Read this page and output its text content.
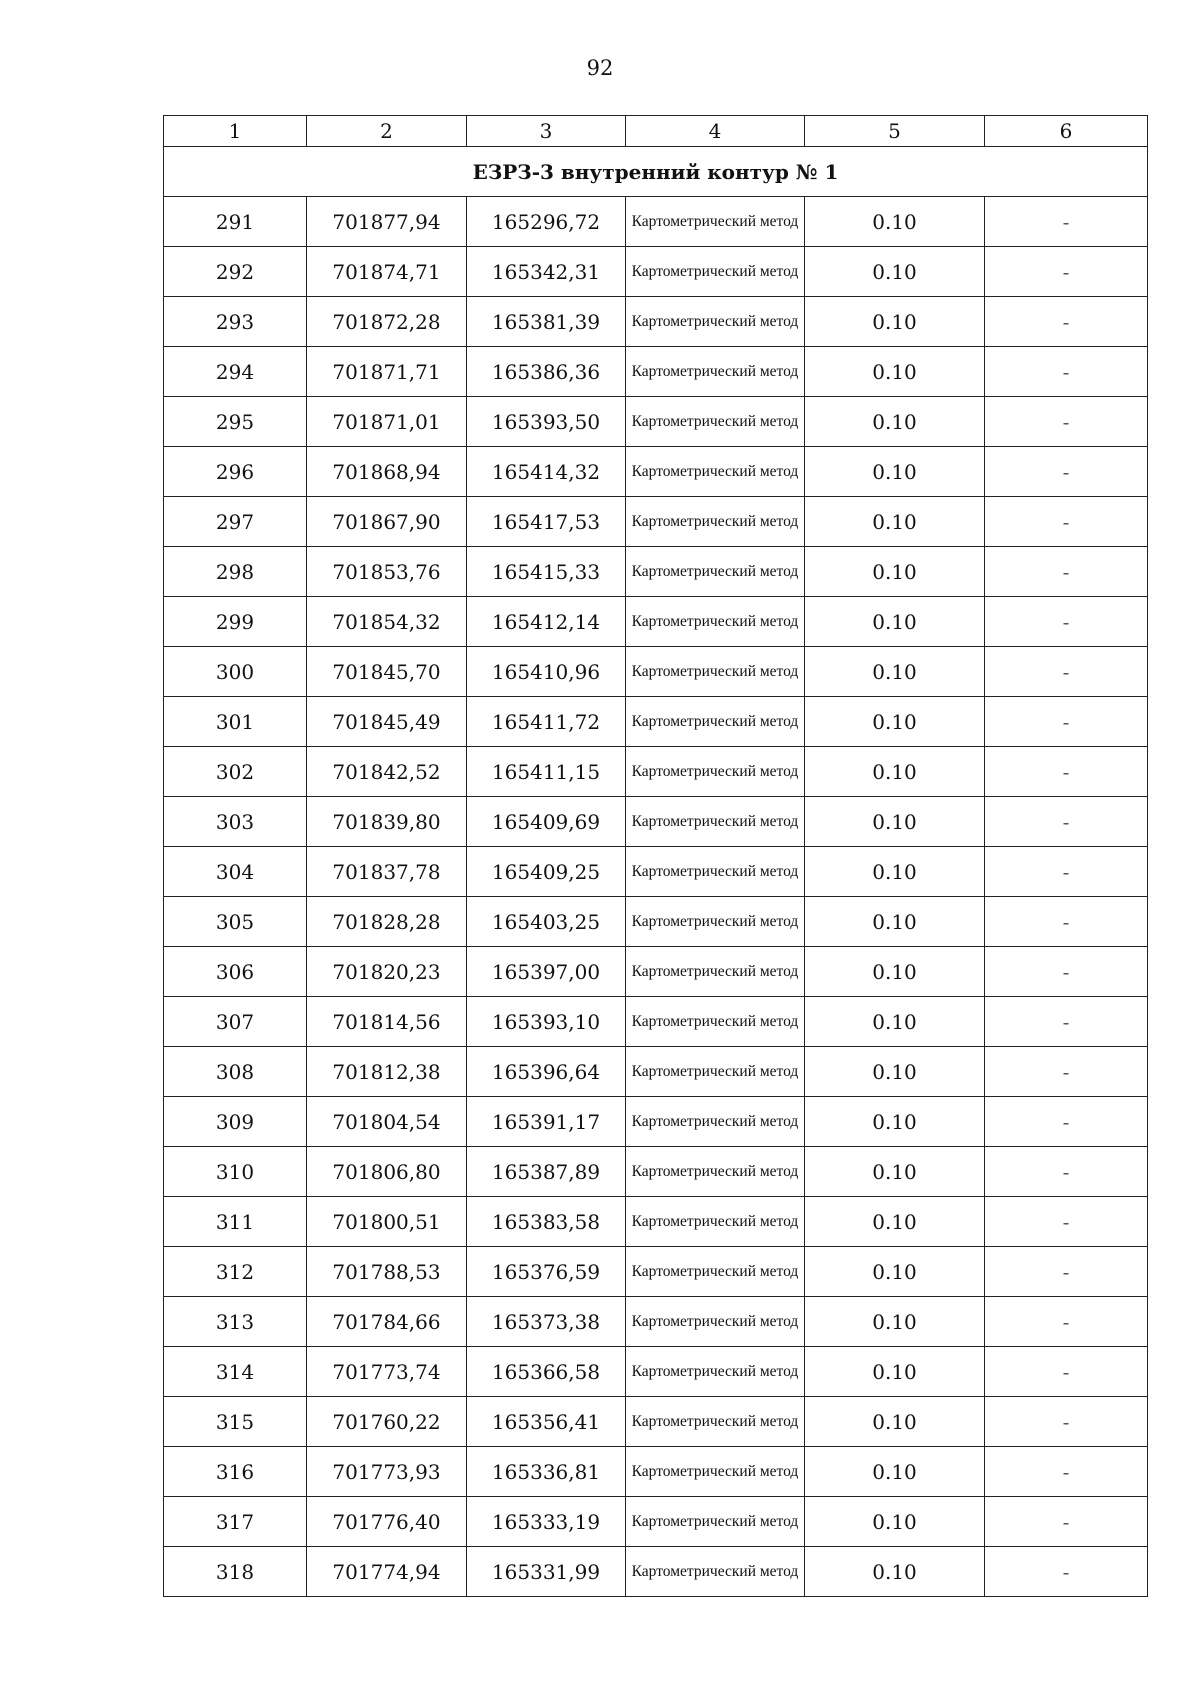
92
1	2	3	4	5	6
ЕЗРЗ-3 внутренний контур № 1					
291	701877,94	165296,72	Картометрический метод	0.10	-
292	701874,71	165342,31	Картометрический метод	0.10	-
293	701872,28	165381,39	Картометрический метод	0.10	-
294	701871,71	165386,36	Картометрический метод	0.10	-
295	701871,01	165393,50	Картометрический метод	0.10	-
296	701868,94	165414,32	Картометрический метод	0.10	-
297	701867,90	165417,53	Картометрический метод	0.10	-
298	701853,76	165415,33	Картометрический метод	0.10	-
299	701854,32	165412,14	Картометрический метод	0.10	-
300	701845,70	165410,96	Картометрический метод	0.10	-
301	701845,49	165411,72	Картометрический метод	0.10	-
302	701842,52	165411,15	Картометрический метод	0.10	-
303	701839,80	165409,69	Картометрический метод	0.10	-
304	701837,78	165409,25	Картометрический метод	0.10	-
305	701828,28	165403,25	Картометрический метод	0.10	-
306	701820,23	165397,00	Картометрический метод	0.10	-
307	701814,56	165393,10	Картометрический метод	0.10	-
308	701812,38	165396,64	Картометрический метод	0.10	-
309	701804,54	165391,17	Картометрический метод	0.10	-
310	701806,80	165387,89	Картометрический метод	0.10	-
311	701800,51	165383,58	Картометрический метод	0.10	-
312	701788,53	165376,59	Картометрический метод	0.10	-
313	701784,66	165373,38	Картометрический метод	0.10	-
314	701773,74	165366,58	Картометрический метод	0.10	-
315	701760,22	165356,41	Картометрический метод	0.10	-
316	701773,93	165336,81	Картометрический метод	0.10	-
317	701776,40	165333,19	Картометрический метод	0.10	-
318	701774,94	165331,99	Картометрический метод	0.10	-
